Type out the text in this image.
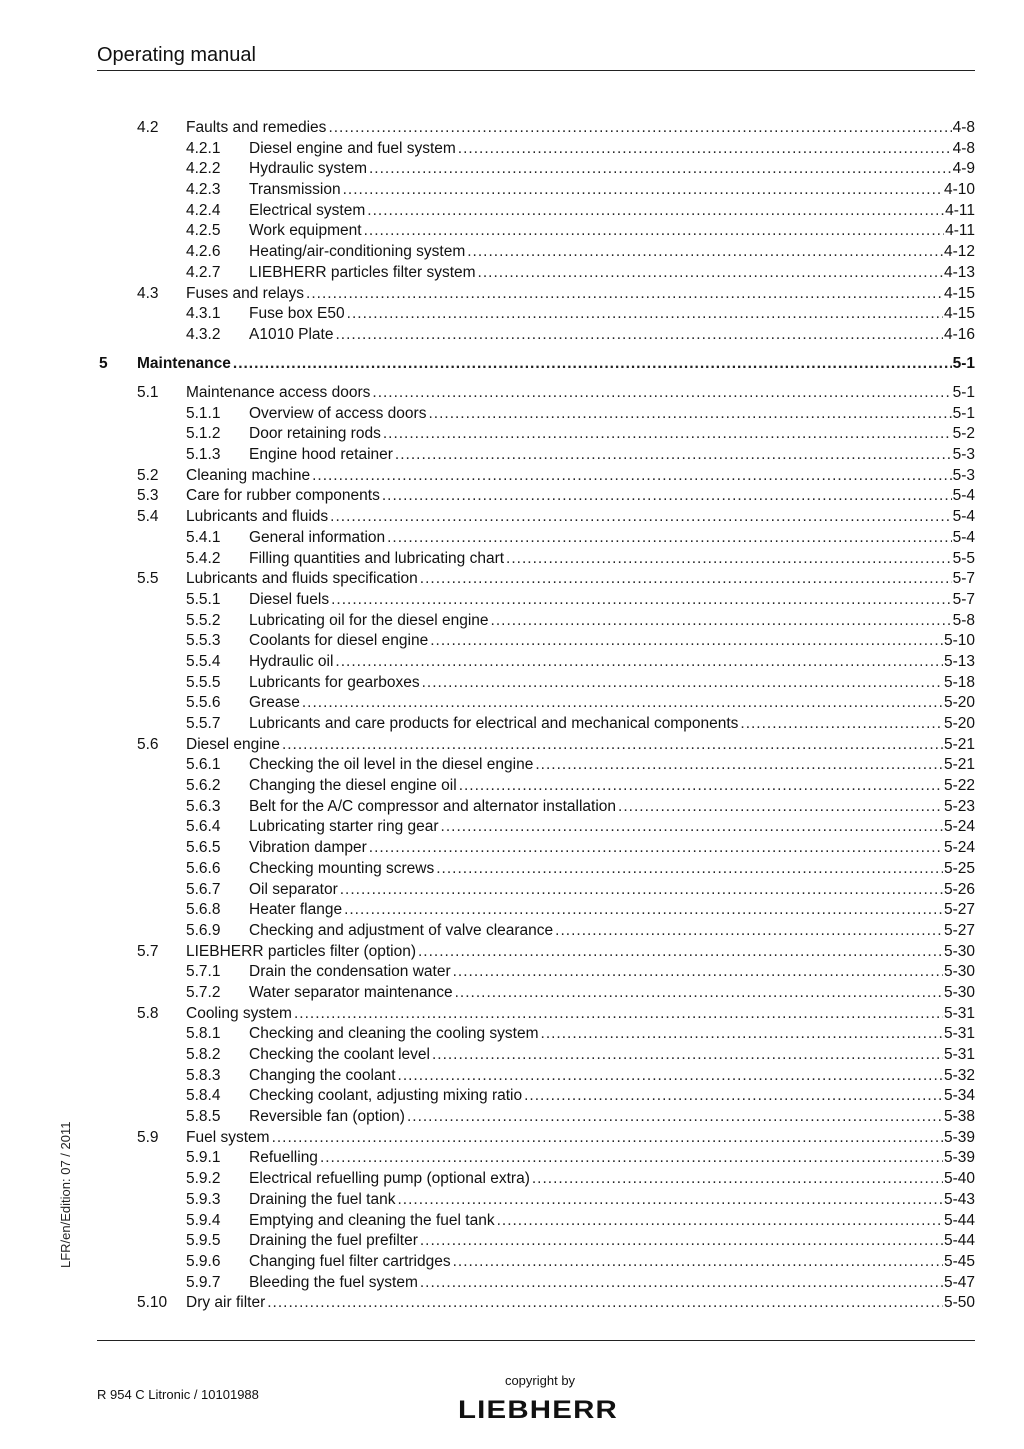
Operating manual
4.2 Faults and remedies .....	4-8
4.2.1 Diesel engine and fuel system .....	4-8
4.2.2 Hydraulic system .....	4-9
4.2.3 Transmission .....	4-10
4.2.4 Electrical system .....	4-11
4.2.5 Work equipment .....	4-11
4.2.6 Heating/air-conditioning system .....	4-12
4.2.7 LIEBHERR particles filter system .....	4-13
4.3 Fuses and relays .....	4-15
4.3.1 Fuse box E50 .....	4-15
4.3.2 A1010 Plate .....	4-16
5 Maintenance .....	5-1
5.1 Maintenance access doors .....	5-1
5.1.1 Overview of access doors .....	5-1
5.1.2 Door retaining rods .....	5-2
5.1.3 Engine hood retainer .....	5-3
5.2 Cleaning machine .....	5-3
5.3 Care for rubber components .....	5-4
5.4 Lubricants and fluids .....	5-4
5.4.1 General information .....	5-4
5.4.2 Filling quantities and lubricating chart .....	5-5
5.5 Lubricants and fluids specification .....	5-7
5.5.1 Diesel fuels .....	5-7
5.5.2 Lubricating oil for the diesel engine .....	5-8
5.5.3 Coolants for diesel engine .....	5-10
5.5.4 Hydraulic oil .....	5-13
5.5.5 Lubricants for gearboxes .....	5-18
5.5.6 Grease .....	5-20
5.5.7 Lubricants and care products for electrical and mechanical components .....	5-20
5.6 Diesel engine .....	5-21
5.6.1 Checking the oil level in the diesel engine .....	5-21
5.6.2 Changing the diesel engine oil .....	5-22
5.6.3 Belt for the A/C compressor and alternator installation .....	5-23
5.6.4 Lubricating starter ring gear .....	5-24
5.6.5 Vibration damper .....	5-24
5.6.6 Checking mounting screws .....	5-25
5.6.7 Oil separator .....	5-26
5.6.8 Heater flange .....	5-27
5.6.9 Checking and adjustment of valve clearance .....	5-27
5.7 LIEBHERR particles filter (option) .....	5-30
5.7.1 Drain the condensation water .....	5-30
5.7.2 Water separator maintenance .....	5-30
5.8 Cooling system .....	5-31
5.8.1 Checking and cleaning the cooling system .....	5-31
5.8.2 Checking the coolant level .....	5-31
5.8.3 Changing the coolant .....	5-32
5.8.4 Checking coolant, adjusting mixing ratio .....	5-34
5.8.5 Reversible fan (option) .....	5-38
5.9 Fuel system .....	5-39
5.9.1 Refuelling .....	5-39
5.9.2 Electrical refuelling pump (optional extra) .....	5-40
5.9.3 Draining the fuel tank .....	5-43
5.9.4 Emptying and cleaning the fuel tank .....	5-44
5.9.5 Draining the fuel prefilter .....	5-44
5.9.6 Changing fuel filter cartridges .....	5-45
5.9.7 Bleeding the fuel system .....	5-47
5.10 Dry air filter .....	5-50
LFR/en/Edition: 07 / 2011
R 954 C Litronic / 10101988
copyright by
LIEBHERR
